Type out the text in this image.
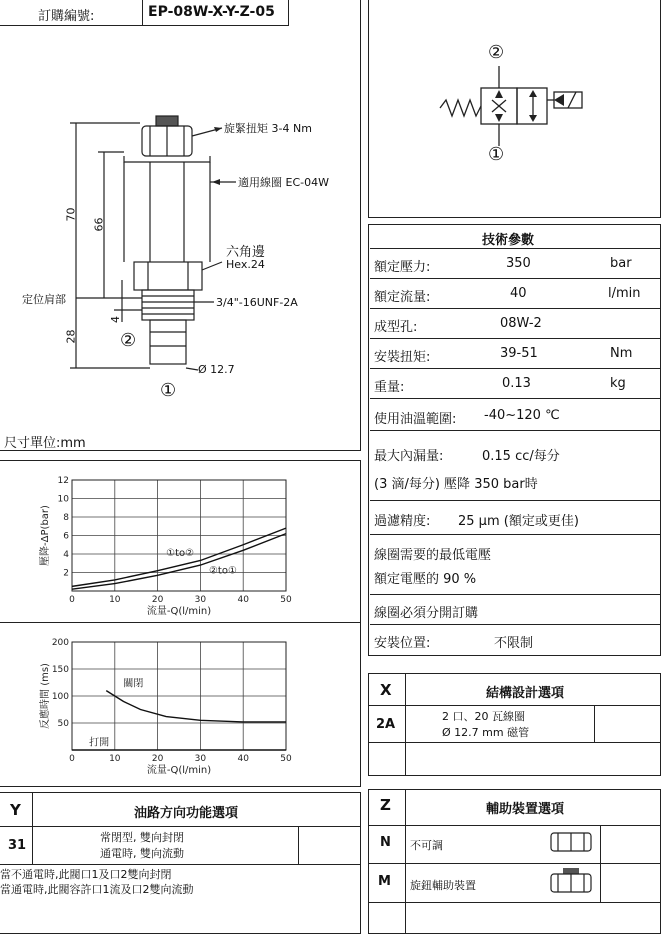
訂購編號:	EP-08W-X-Y-Z-05
旋緊扭矩 3-4 Nm
適用線圈 EC-04W
六角邊
Hex.24
3/4"-16UNF-2A
定位肩部
Ø 12.7
70
66
28
4
②
①
尺寸單位:mm
②
①
技術參數
額定壓力:	350	bar
額定流量:	40	l/min
成型孔:	08W-2
安裝扭矩:	39-51	Nm
重量:	0.13	kg
使用油溫範圍: -40~120 ℃
最大內漏量:	0.15 cc/每分
(3 滴/每分) 壓降 350 bar時
過濾精度: 25 µm (額定或更佳)
線圈需要的最低電壓
額定電壓的 90 %
線圈必須分開訂購
安裝位置:	不限制
0	10	20	30	40	50
2
4
6
8
10
12
流量-Q(l/min)
壓降-ΔP(bar)	①to②
②to①
0	10	20	30	40	50
50
100
150
200
流量-Q(l/min)
反應時間 (ms)	關閉
打開
X	結構設計選項
2A
2 口、20 瓦線圈
Ø 12.7 mm 磁管
Y	油路方向功能選項
31
常閉型, 雙向封閉
通電時, 雙向流動
當不通電時,此閥口1及口2雙向封閉
當通電時,此閥容許口1流及口2雙向流動
Z	輔助裝置選項
N 不可調
M 旋鈕輔助裝置
